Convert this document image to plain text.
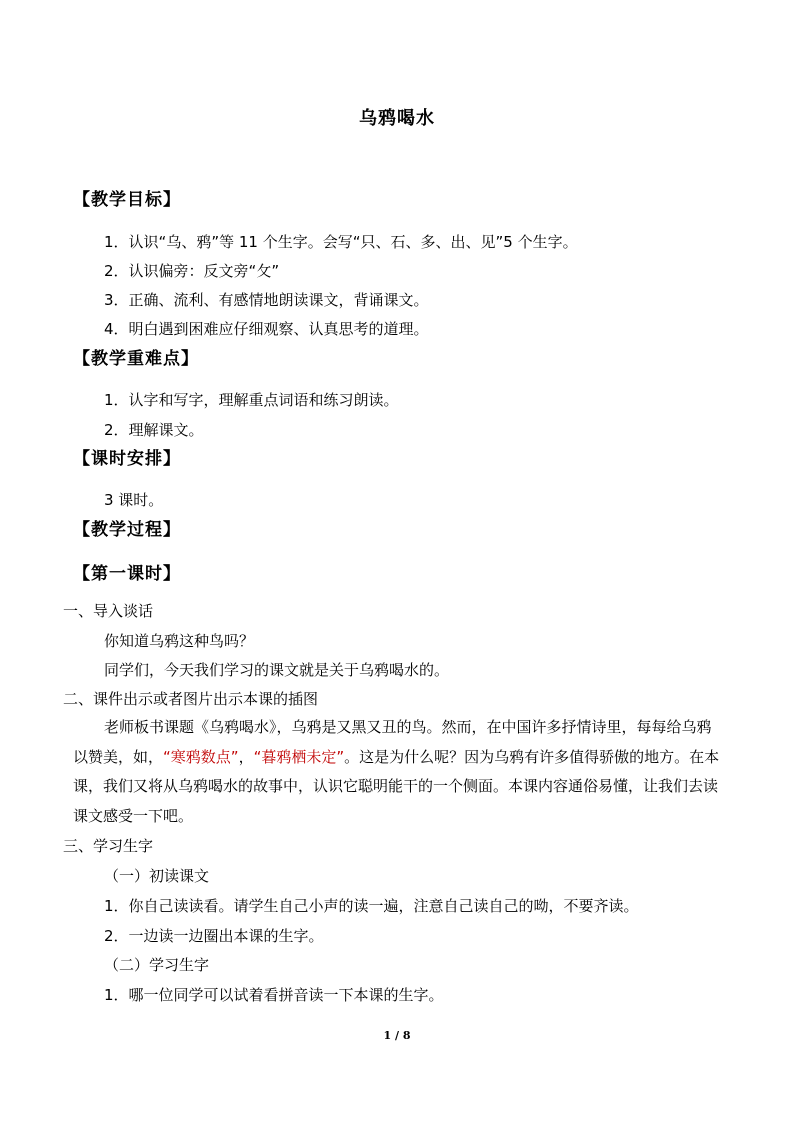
乌鸦喝水
【教学目标】
1．认识“乌、鸦”等 11 个生字。会写“只、石、多、出、见”5 个生字。
2．认识偏旁：反文旁“攵”
3．正确、流利、有感情地朗读课文，背诵课文。
4．明白遇到困难应仔细观察、认真思考的道理。
【教学重难点】
1．认字和写字，理解重点词语和练习朗读。
2．理解课文。
【课时安排】
3 课时。
【教学过程】
【第一课时】
一、导入谈话
你知道乌鸦这种鸟吗？
同学们，今天我们学习的课文就是关于乌鸦喝水的。
二、课件出示或者图片出示本课的插图
老师板书课题《乌鸦喝水》，乌鸦是又黑又丑的鸟。然而，在中国许多抒情诗里，每每给乌鸦以赞美，如，“寒鸦数点”，“暮鸦栖未定”。这是为什么呢？因为乌鸦有许多值得骄傲的地方。在本课，我们又将从乌鸦喝水的故事中，认识它聪明能干的一个侧面。本课内容通俗易懂，让我们去读课文感受一下吧。
三、学习生字
（一）初读课文
1．你自己读读看。请学生自己小声的读一遍，注意自己读自己的呦，不要齐读。
2．一边读一边圈出本课的生字。
（二）学习生字
1．哪一位同学可以试着看拼音读一下本课的生字。
1 / 8
